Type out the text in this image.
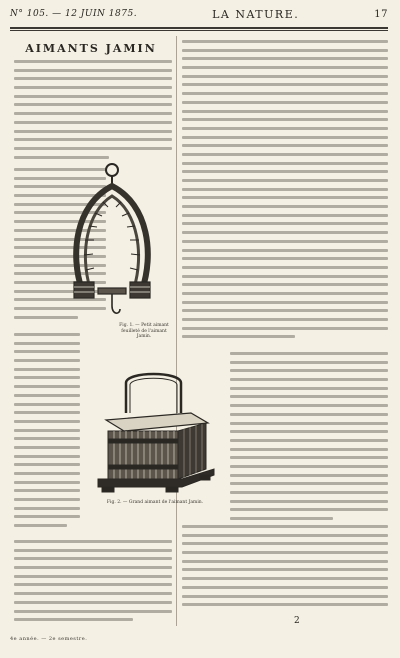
N° 105. — 12 JUIN 1875.	LA NATURE.	17
AIMANTS JAMIN
Fig. 1. — Petit aimant feuilleté de l'aimant Jamin.
Fig. 2. — Grand aimant de l'aimant Jamin.
2
4e année. — 2e semestre.
